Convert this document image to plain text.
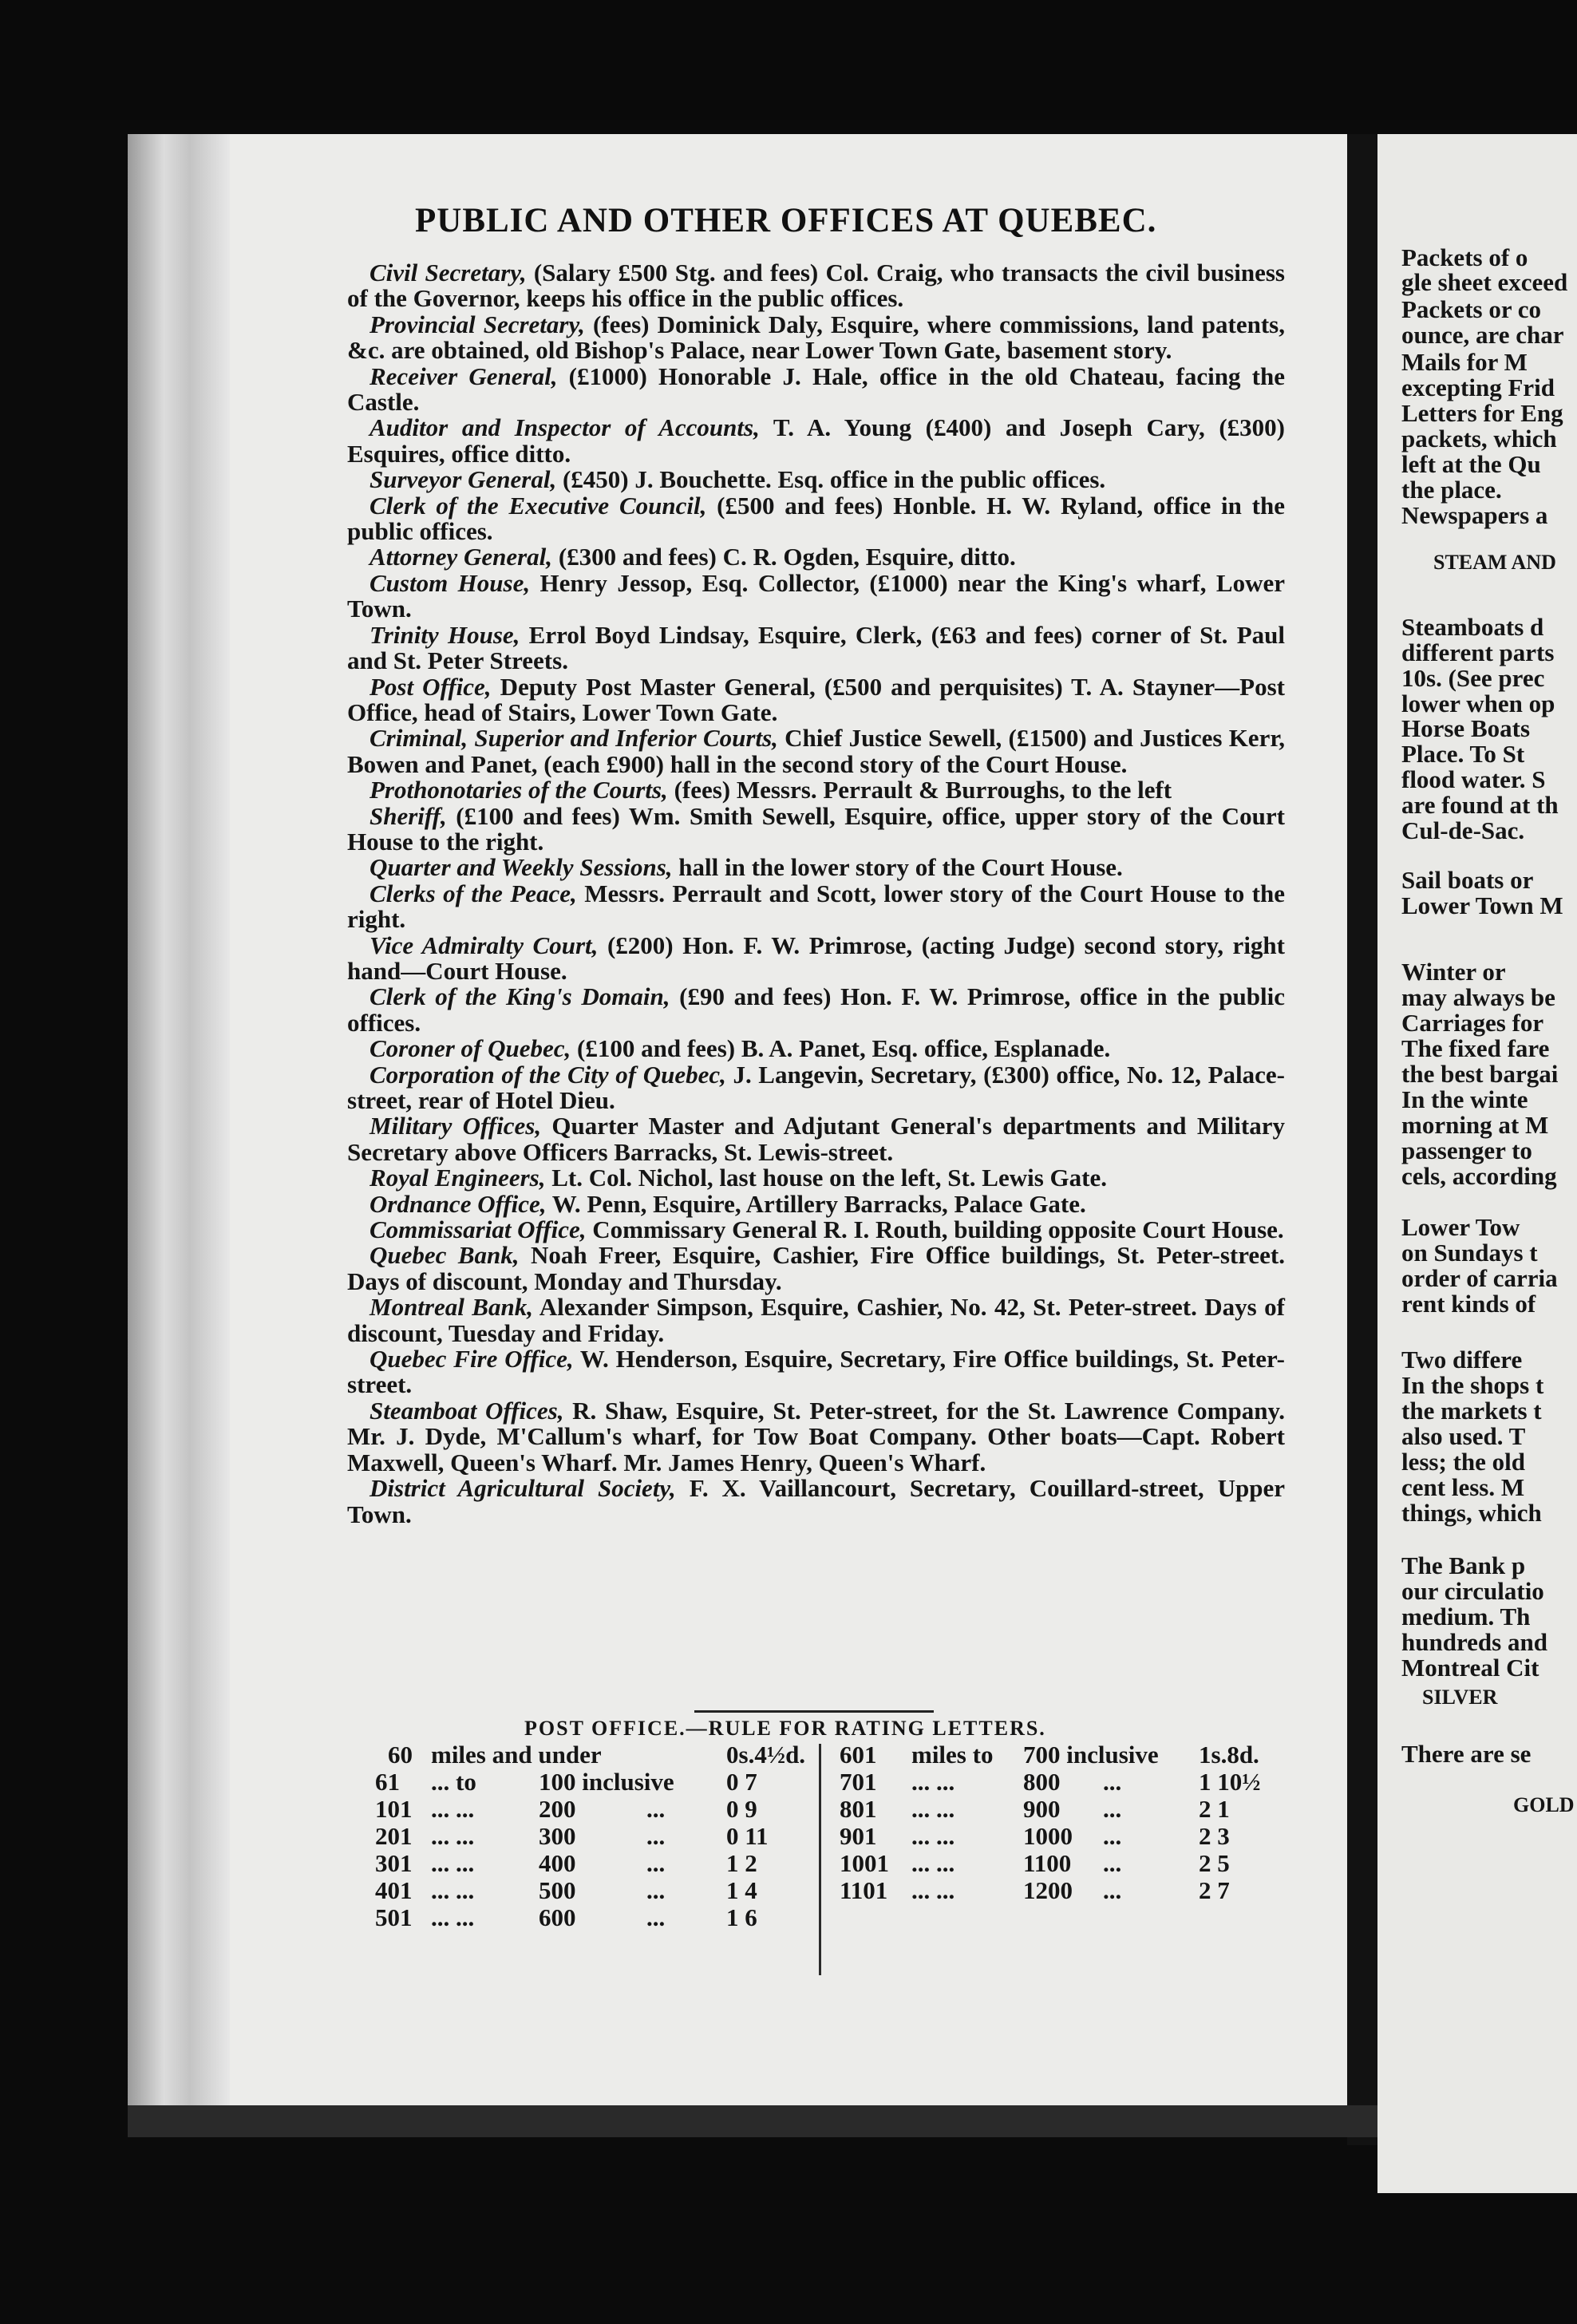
PUBLIC AND OTHER OFFICES AT QUEBEC.

Civil Secretary, (Salary £500 Stg. and fees) Col. Craig, who transacts the civil business of the Governor, keeps his office in the public offices.

Provincial Secretary, (fees) Dominick Daly, Esquire, where commissions, land patents, &c. are obtained, old Bishop's Palace, near Lower Town Gate, basement story.

Receiver General, (£1000) Honorable J. Hale, office in the old Chateau, facing the Castle.

Auditor and Inspector of Accounts, T. A. Young (£400) and Joseph Cary, (£300) Esquires, office ditto.

Surveyor General, (£450) J. Bouchette. Esq. office in the public offices.

Clerk of the Executive Council, (£500 and fees) Honble. H. W. Ryland, office in the public offices.

Attorney General, (£300 and fees) C. R. Ogden, Esquire, ditto.

Custom House, Henry Jessop, Esq. Collector, (£1000) near the King's wharf, Lower Town.

Trinity House, Errol Boyd Lindsay, Esquire, Clerk, (£63 and fees) corner of St. Paul and St. Peter Streets.

Post Office, Deputy Post Master General, (£500 and perquisites) T. A. Stayner—Post Office, head of Stairs, Lower Town Gate.

Criminal, Superior and Inferior Courts, Chief Justice Sewell, (£1500) and Justices Kerr, Bowen and Panet, (each £900) hall in the second story of the Court House.

Prothonotaries of the Courts, (fees) Messrs. Perrault & Burroughs, to the left

Sheriff, (£100 and fees) Wm. Smith Sewell, Esquire, office, upper story of the Court House to the right.

Quarter and Weekly Sessions, hall in the lower story of the Court House.

Clerks of the Peace, Messrs. Perrault and Scott, lower story of the Court House to the right.

Vice Admiralty Court, (£200) Hon. F. W. Primrose, (acting Judge) second story, right hand—Court House.

Clerk of the King's Domain, (£90 and fees) Hon. F. W. Primrose, office in the public offices.

Coroner of Quebec, (£100 and fees) B. A. Panet, Esq. office, Esplanade.

Corporation of the City of Quebec, J. Langevin, Secretary, (£300) office, No. 12, Palace-street, rear of Hotel Dieu.

Military Offices, Quarter Master and Adjutant General's departments and Military Secretary above Officers Barracks, St. Lewis-street.

Royal Engineers, Lt. Col. Nichol, last house on the left, St. Lewis Gate.

Ordnance Office, W. Penn, Esquire, Artillery Barracks, Palace Gate.

Commissariat Office, Commissary General R. I. Routh, building opposite Court House.

Quebec Bank, Noah Freer, Esquire, Cashier, Fire Office buildings, St. Peter-street. Days of discount, Monday and Thursday.

Montreal Bank, Alexander Simpson, Esquire, Cashier, No. 42, St. Peter-street. Days of discount, Tuesday and Friday.

Quebec Fire Office, W. Henderson, Esquire, Secretary, Fire Office buildings, St. Peter-street.

Steamboat Offices, R. Shaw, Esquire, St. Peter-street, for the St. Lawrence Company. Mr. J. Dyde, M'Callum's wharf, for Tow Boat Company. Other boats—Capt. Robert Maxwell, Queen's Wharf. Mr. James Henry, Queen's Wharf.

District Agricultural Society, F. X. Vaillancourt, Secretary, Couillard-street, Upper Town.

POST OFFICE.—RULE FOR RATING LETTERS.
60 miles and under	0s.4½d.
61 ... to	100 inclusive 0 7
101 ... ...	200	... 0 9
201 ... ...	300	... 0 11
301 ... ...	400	... 1 2
401 ... ...	500	... 1 4
501 ... ...	600	... 1 6
601 miles to 700 inclusive 1s.8d.
701 ... ...	800 ...	1 10½
801 ... ...	900 ...	2 1
901 ... ...	1000 ...	2 3
1001 ... ...	1100 ...	2 5
1101 ... ...	1200 ...	2 7
Packets of o
gle sheet exceed
Packets or co
ounce, are char
Mails for M
excepting Frid
Letters for Eng
packets, which
left at the Qu
the place.
Newspapers a
STEAM AND
Steamboats d
different parts
10s. (See prec
lower when op
Horse Boats
Place. To St
flood water. S
are found at th
Cul-de-Sac.
Sail boats or
Lower Town M
Winter or
may always be
Carriages for
The fixed fare
the best bargai
In the winte
morning at M
passenger to
cels, according
Lower Tow
on Sundays t
order of carria
rent kinds of
Two differe
In the shops t
the markets t
also used. T
less; the old
cent less. M
things, which
The Bank p
our circulatio
medium. Th
hundreds and
Montreal Cit
SILVER
There are se
GOLD
